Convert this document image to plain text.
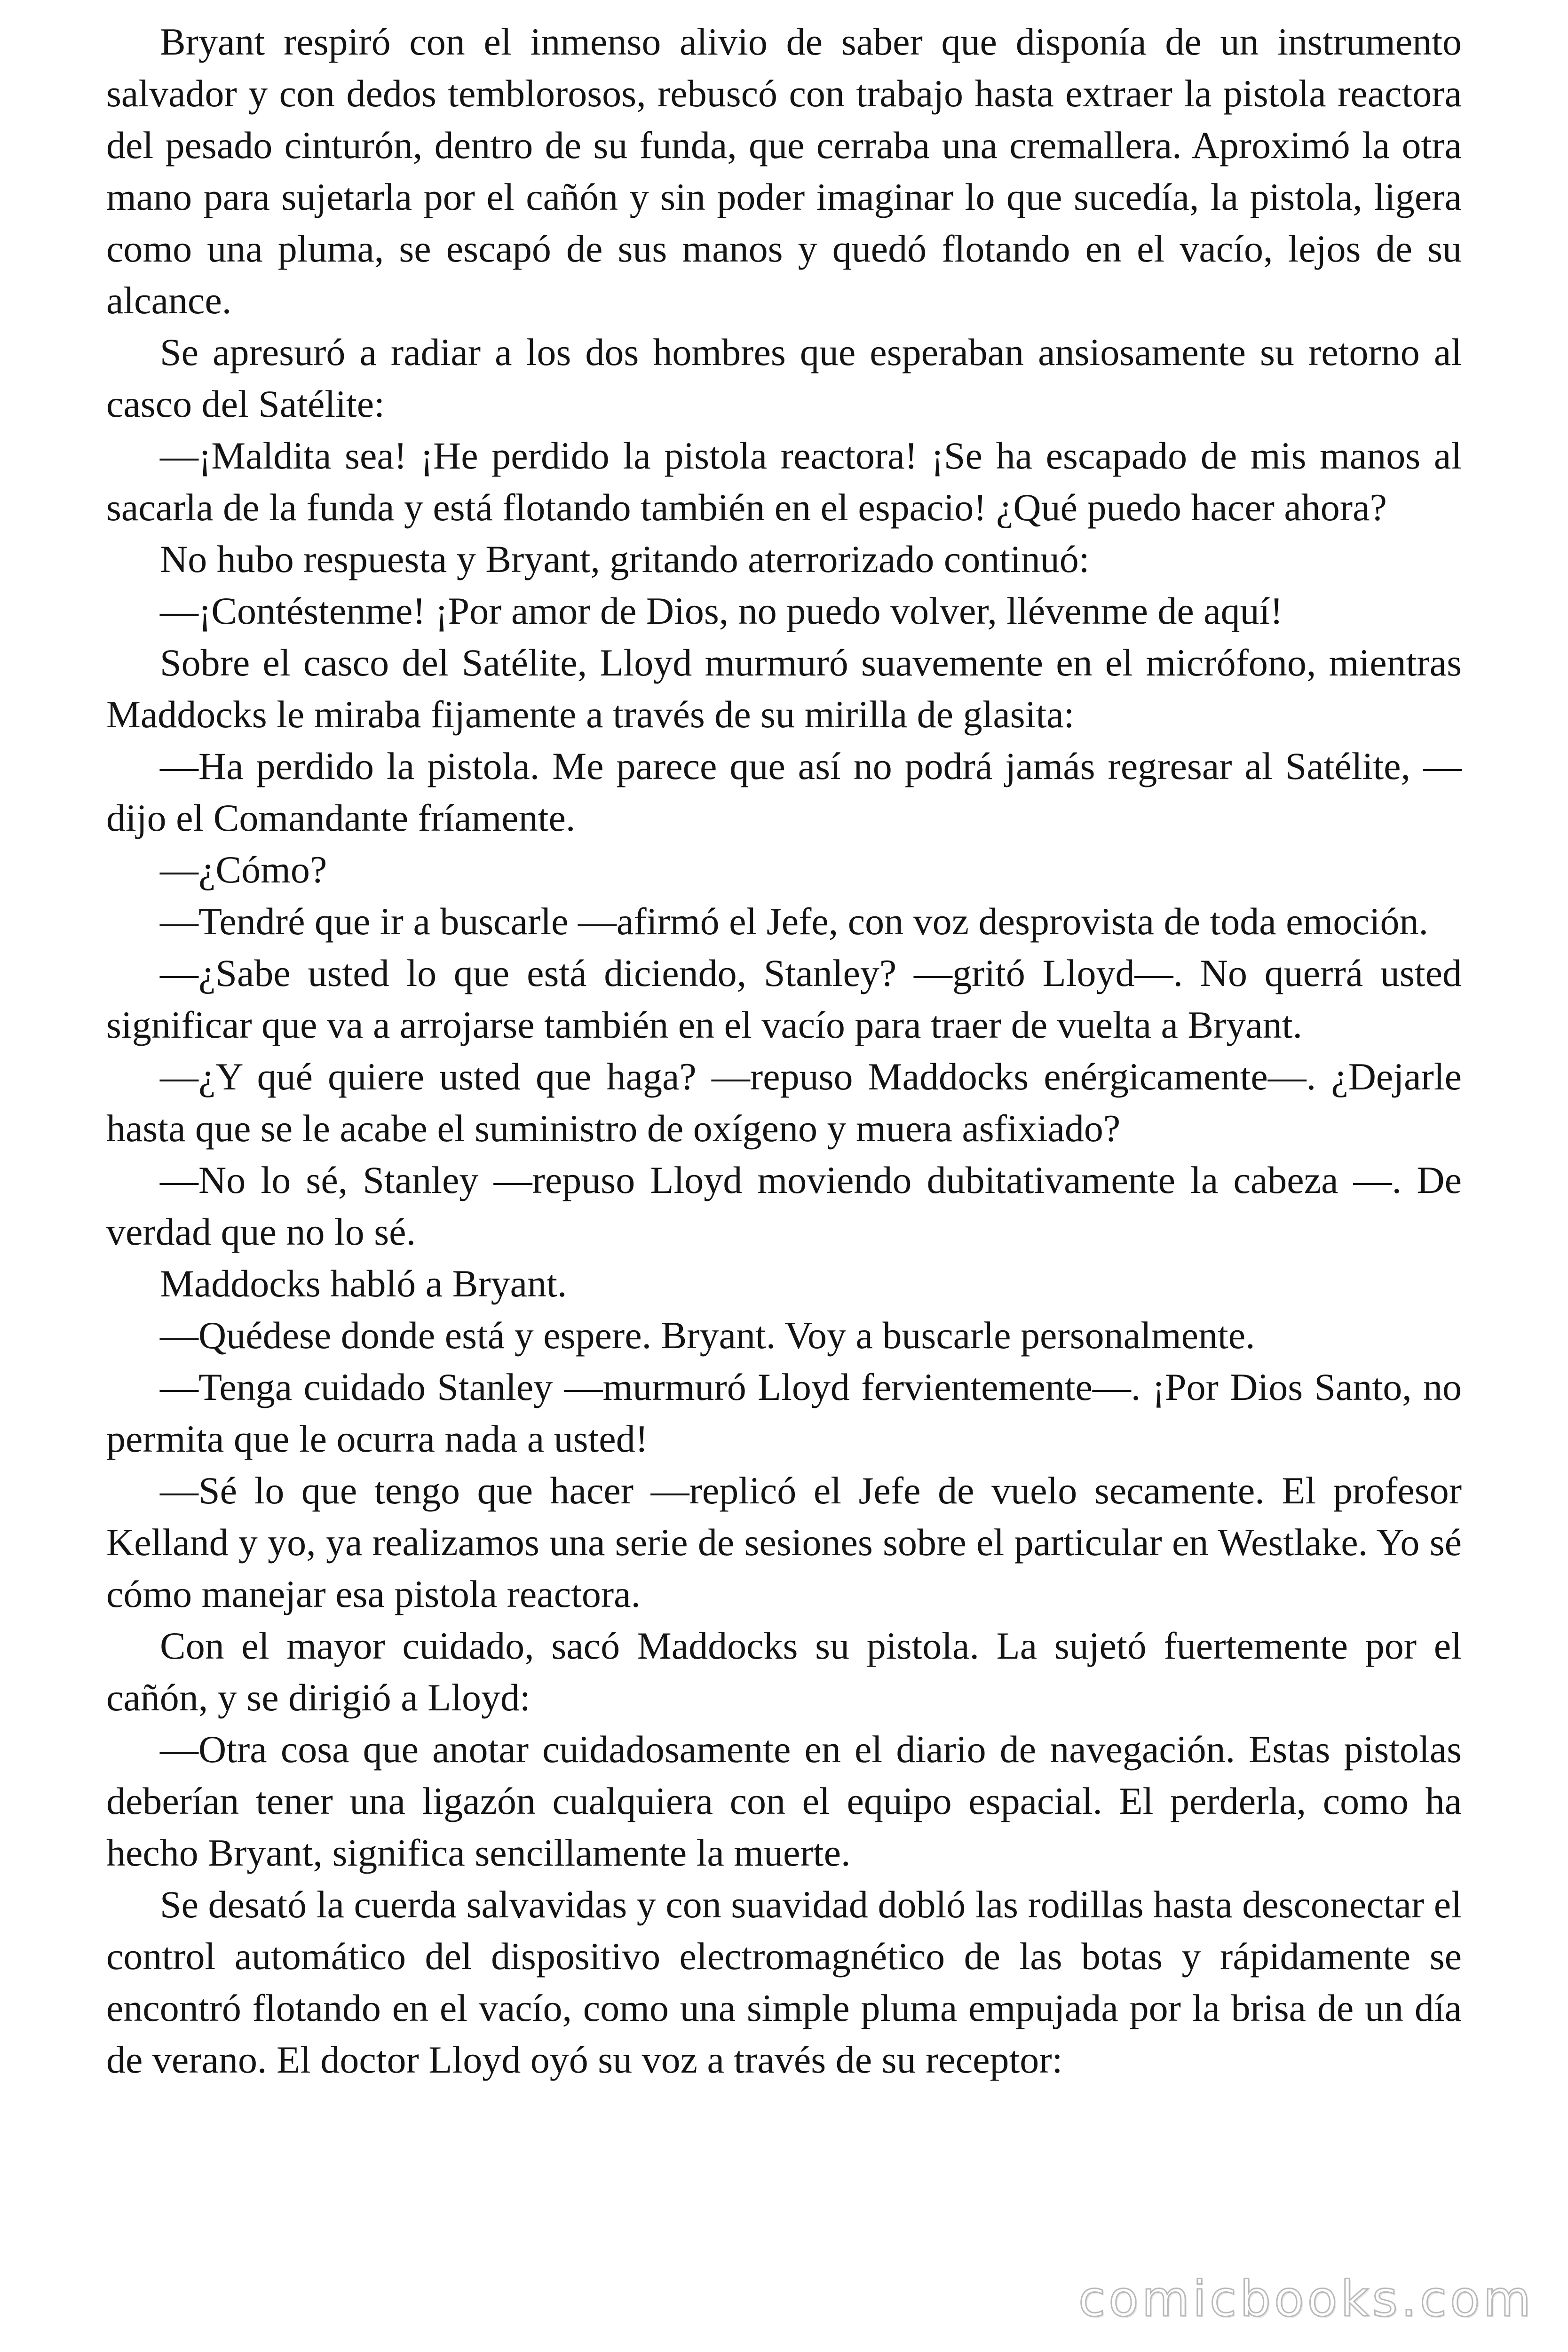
Bryant respiró con el inmenso alivio de saber que disponía de un instrumento salvador y con dedos temblorosos, rebuscó con trabajo hasta extraer la pistola reactora del pesado cinturón, dentro de su funda, que cerraba una cremallera. Aproximó la otra mano para sujetarla por el cañón y sin poder imaginar lo que sucedía, la pistola, ligera como una pluma, se escapó de sus manos y quedó flotando en el vacío, lejos de su alcance.

Se apresuró a radiar a los dos hombres que esperaban ansiosamente su retorno al casco del Satélite:

—¡Maldita sea! ¡He perdido la pistola reactora! ¡Se ha escapado de mis manos al sacarla de la funda y está flotando también en el espacio! ¿Qué puedo hacer ahora?

No hubo respuesta y Bryant, gritando aterrorizado continuó:

—¡Contéstenme! ¡Por amor de Dios, no puedo volver, llévenme de aquí!

Sobre el casco del Satélite, Lloyd murmuró suavemente en el micrófono, mientras Maddocks le miraba fijamente a través de su mirilla de glasita:

—Ha perdido la pistola. Me parece que así no podrá jamás regresar al Satélite, —dijo el Comandante fríamente.

—¿Cómo?

—Tendré que ir a buscarle —afirmó el Jefe, con voz desprovista de toda emoción.

—¿Sabe usted lo que está diciendo, Stanley? —gritó Lloyd—. No querrá usted significar que va a arrojarse también en el vacío para traer de vuelta a Bryant.

—¿Y qué quiere usted que haga? —repuso Maddocks enérgicamente—. ¿Dejarle hasta que se le acabe el suministro de oxígeno y muera asfixiado?

—No lo sé, Stanley —repuso Lloyd moviendo dubitativamente la cabeza —. De verdad que no lo sé.

Maddocks habló a Bryant.

—Quédese donde está y espere. Bryant. Voy a buscarle personalmente.

—Tenga cuidado Stanley —murmuró Lloyd fervientemente—. ¡Por Dios Santo, no permita que le ocurra nada a usted!

—Sé lo que tengo que hacer —replicó el Jefe de vuelo secamente. El profesor Kelland y yo, ya realizamos una serie de sesiones sobre el particular en Westlake. Yo sé cómo manejar esa pistola reactora.

Con el mayor cuidado, sacó Maddocks su pistola. La sujetó fuertemente por el cañón, y se dirigió a Lloyd:

—Otra cosa que anotar cuidadosamente en el diario de navegación. Estas pistolas deberían tener una ligazón cualquiera con el equipo espacial. El perderla, como ha hecho Bryant, significa sencillamente la muerte.

Se desató la cuerda salvavidas y con suavidad dobló las rodillas hasta desconectar el control automático del dispositivo electromagnético de las botas y rápidamente se encontró flotando en el vacío, como una simple pluma empujada por la brisa de un día de verano. El doctor Lloyd oyó su voz a través de su receptor:

comicbooks.com
